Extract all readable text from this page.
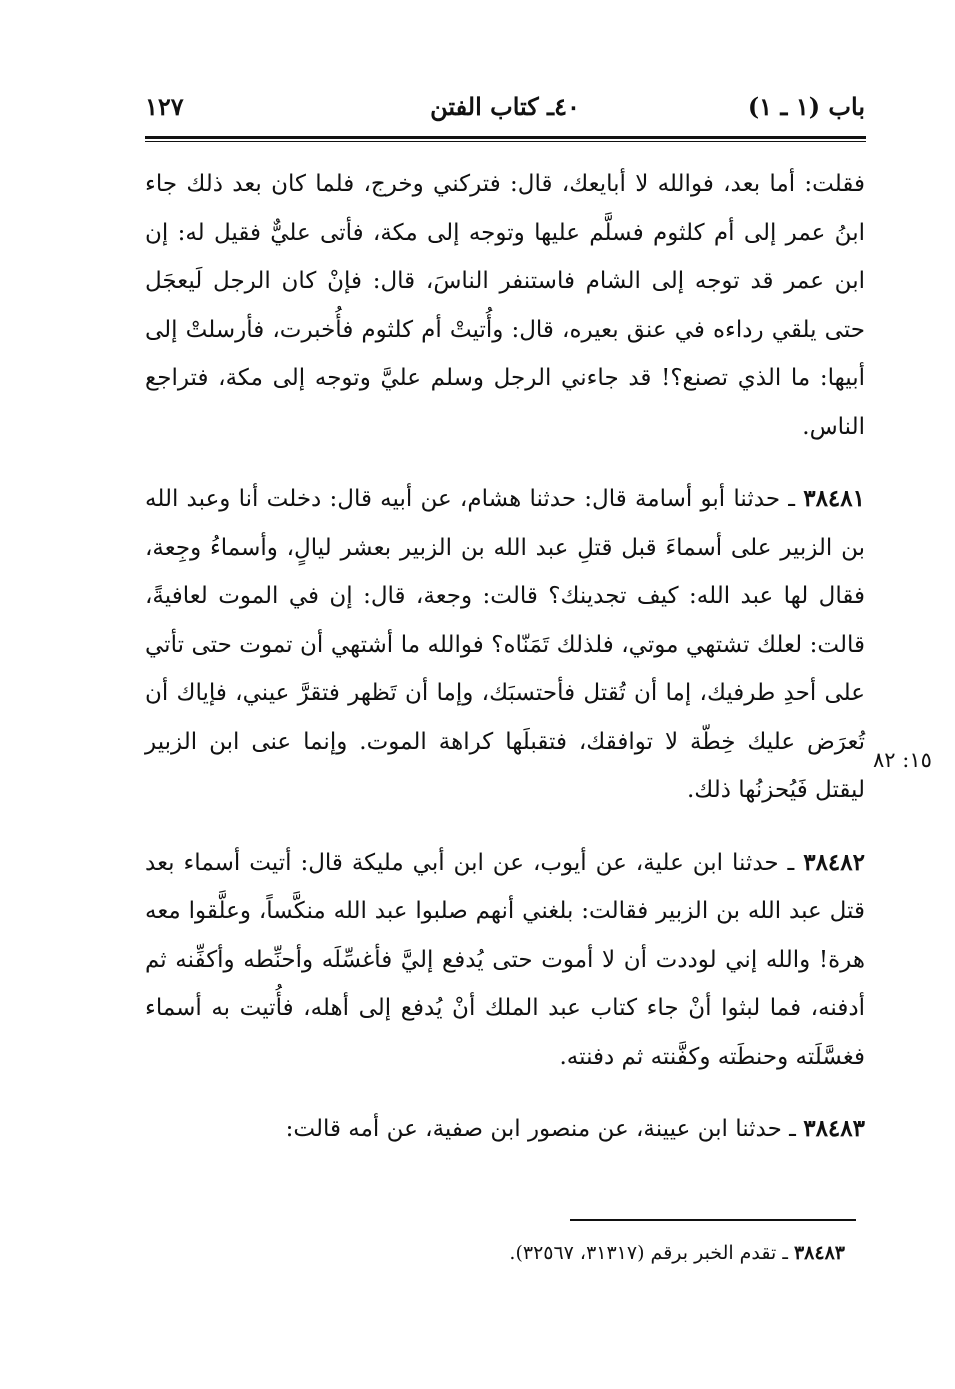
باب (١ ـ ١)
٤٠ـ كتاب الفتن
١٢٧

فقلت: أما بعد، فوالله لا أبايعك، قال: فتركني وخرج، فلما كان بعد ذلك جاء ابنُ عمر إلى أم كلثوم فسلَّم عليها وتوجه إلى مكة، فأتى عليٌّ فقيل له: إن ابن عمر قد توجه إلى الشام فاستنفر الناسَ، قال: فإنْ كان الرجل لَيعجَل حتى يلقي رداءه في عنق بعيره، قال: وأُتيتْ أم كلثوم فأُخبرت، فأرسلتْ إلى أبيها: ما الذي تصنع؟! قد جاءني الرجل وسلم عليَّ وتوجه إلى مكة، فتراجع الناس.

٣٨٤٨١ ـ حدثنا أبو أسامة قال: حدثنا هشام، عن أبيه قال: دخلت أنا وعبد الله بن الزبير على أسماءَ قبل قتلِ عبد الله بن الزبير بعشر ليالٍ، وأسماءُ وجِعة، فقال لها عبد الله: كيف تجدينك؟ قالت: وجعة، قال: إن في الموت لعافيةً، قالت: لعلك تشتهي موتي، فلذلك تَمَنّاه؟ فوالله ما أشتهي أن تموت حتى تأتي على أحدِ طرفيك، إما أن تُقتل فأحتسبَك، وإما أن تَظهر فتقرَّ عيني، فإياك أن تُعرَض عليك خِطّة لا توافقك، فتقبلَها كراهة الموت. وإنما عنى ابن الزبير ليقتل فَيُحزنُها ذلك.

٣٨٤٨٢ ـ حدثنا ابن علية، عن أيوب، عن ابن أبي مليكة قال: أتيت أسماء بعد قتل عبد الله بن الزبير فقالت: بلغني أنهم صلبوا عبد الله منكَّساً، وعلَّقوا معه هرة! والله إني لوددت أن لا أموت حتى يُدفع إليَّ فأغسِّلَه وأحنِّطه وأكفِّنه ثم أدفنه، فما لبثوا أنْ جاء كتاب عبد الملك أنْ يُدفع إلى أهله، فأُتيت به أسماء فغسَّلَته وحنطَته وكفَّنته ثم دفنته.

٣٨٤٨٣ ـ حدثنا ابن عيينة، عن منصور ابن صفية، عن أمه قالت:

١٥: ٨٢
٣٨٤٨٣ ـ تقدم الخبر برقم (٣١٣١٧، ٣٢٥٦٧).
